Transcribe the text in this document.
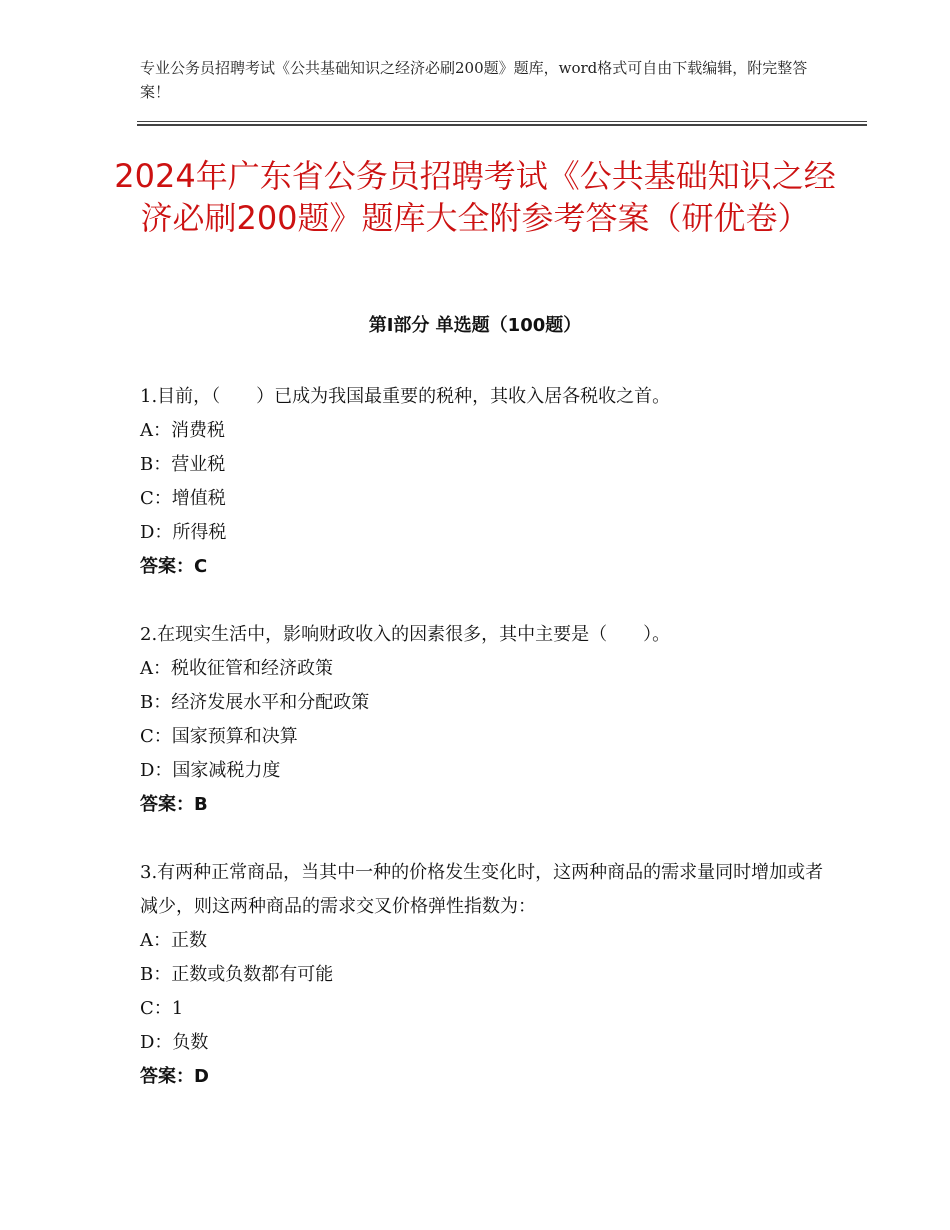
专业公务员招聘考试《公共基础知识之经济必刷200题》题库，word格式可自由下载编辑，附完整答案！
2024年广东省公务员招聘考试《公共基础知识之经济必刷200题》题库大全附参考答案（研优卷）
第Ⅰ部分 单选题（100题）

1.目前，（　　）已成为我国最重要的税种，其收入居各税收之首。

A：消费税

B：营业税

C：增值税

D：所得税

答案：C

2.在现实生活中，影响财政收入的因素很多，其中主要是（　　）。

A：税收征管和经济政策

B：经济发展水平和分配政策

C：国家预算和决算

D：国家减税力度

答案：B

3.有两种正常商品，当其中一种的价格发生变化时，这两种商品的需求量同时增加或者减少，则这两种商品的需求交叉价格弹性指数为：

A：正数

B：正数或负数都有可能

C：1

D：负数

答案：D
